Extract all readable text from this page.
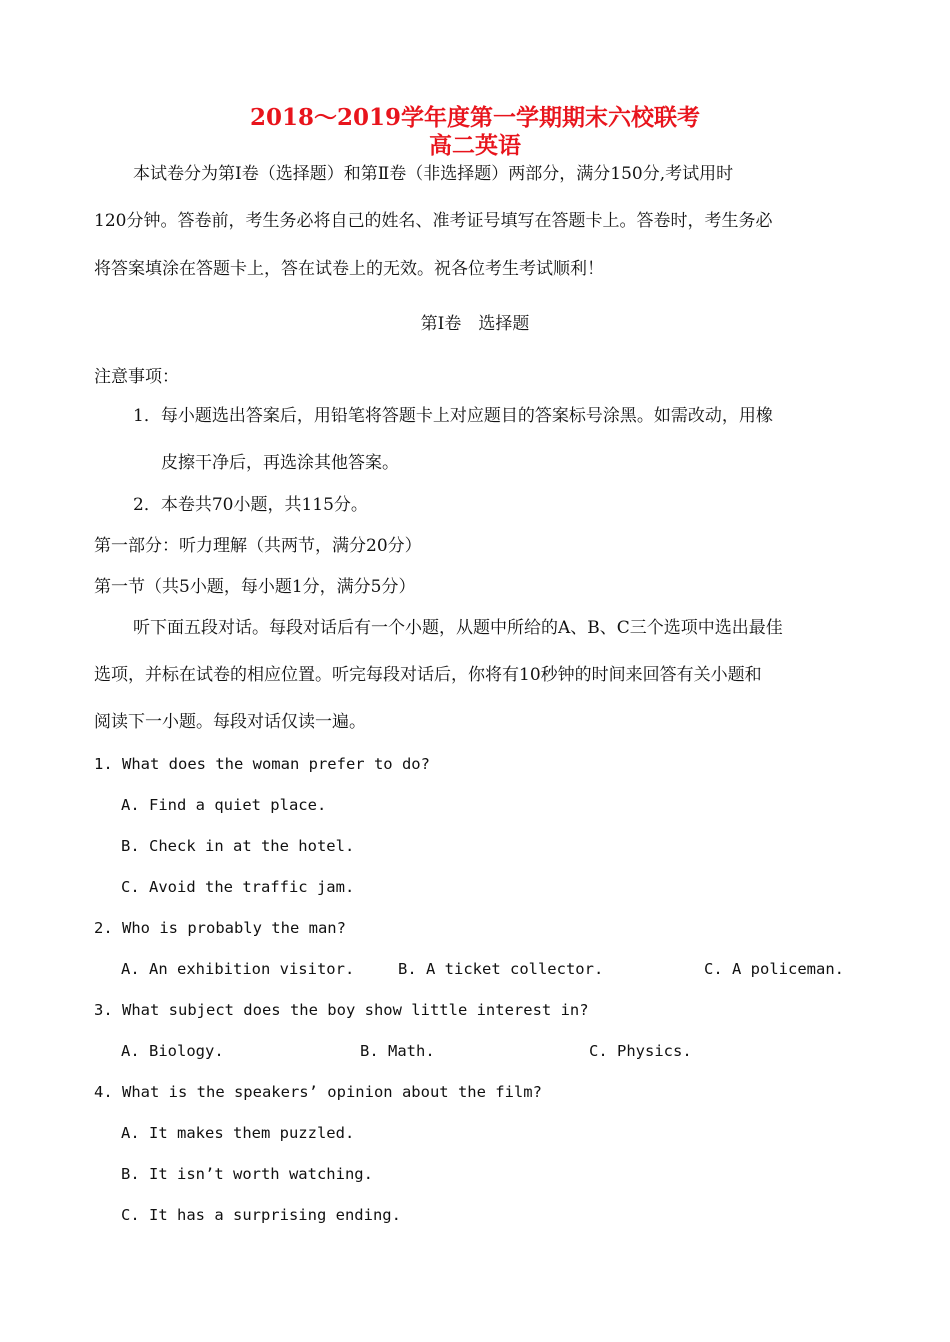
2018～2019学年度第一学期期末六校联考
高二英语
本试卷分为第Ⅰ卷（选择题）和第Ⅱ卷（非选择题）两部分，满分150分,考试用时
120分钟。答卷前，考生务必将自己的姓名、准考证号填写在答题卡上。答卷时，考生务必
将答案填涂在答题卡上，答在试卷上的无效。祝各位考生考试顺利！
第Ⅰ卷　选择题
注意事项：
1．每小题选出答案后，用铅笔将答题卡上对应题目的答案标号涂黑。如需改动，用橡
皮擦干净后，再选涂其他答案。
2．本卷共70小题，共115分。
第一部分：听力理解（共两节，满分20分）
第一节（共5小题，每小题1分，满分5分）
听下面五段对话。每段对话后有一个小题，从题中所给的A、B、C三个选项中选出最佳
选项，并标在试卷的相应位置。听完每段对话后，你将有10秒钟的时间来回答有关小题和
阅读下一小题。每段对话仅读一遍。
1. What does the woman prefer to do?
A. Find a quiet place.
B. Check in at the hotel.
C. Avoid the traffic jam.
2. Who is probably the man?
A. An exhibition visitor.	B. A ticket collector.	C. A policeman.
3. What subject does the boy show little interest in?
A. Biology.	B. Math.	C. Physics.
4. What is the speakers’ opinion about the film?
A. It makes them puzzled.
B. It isn’t worth watching.
C. It has a surprising ending.
